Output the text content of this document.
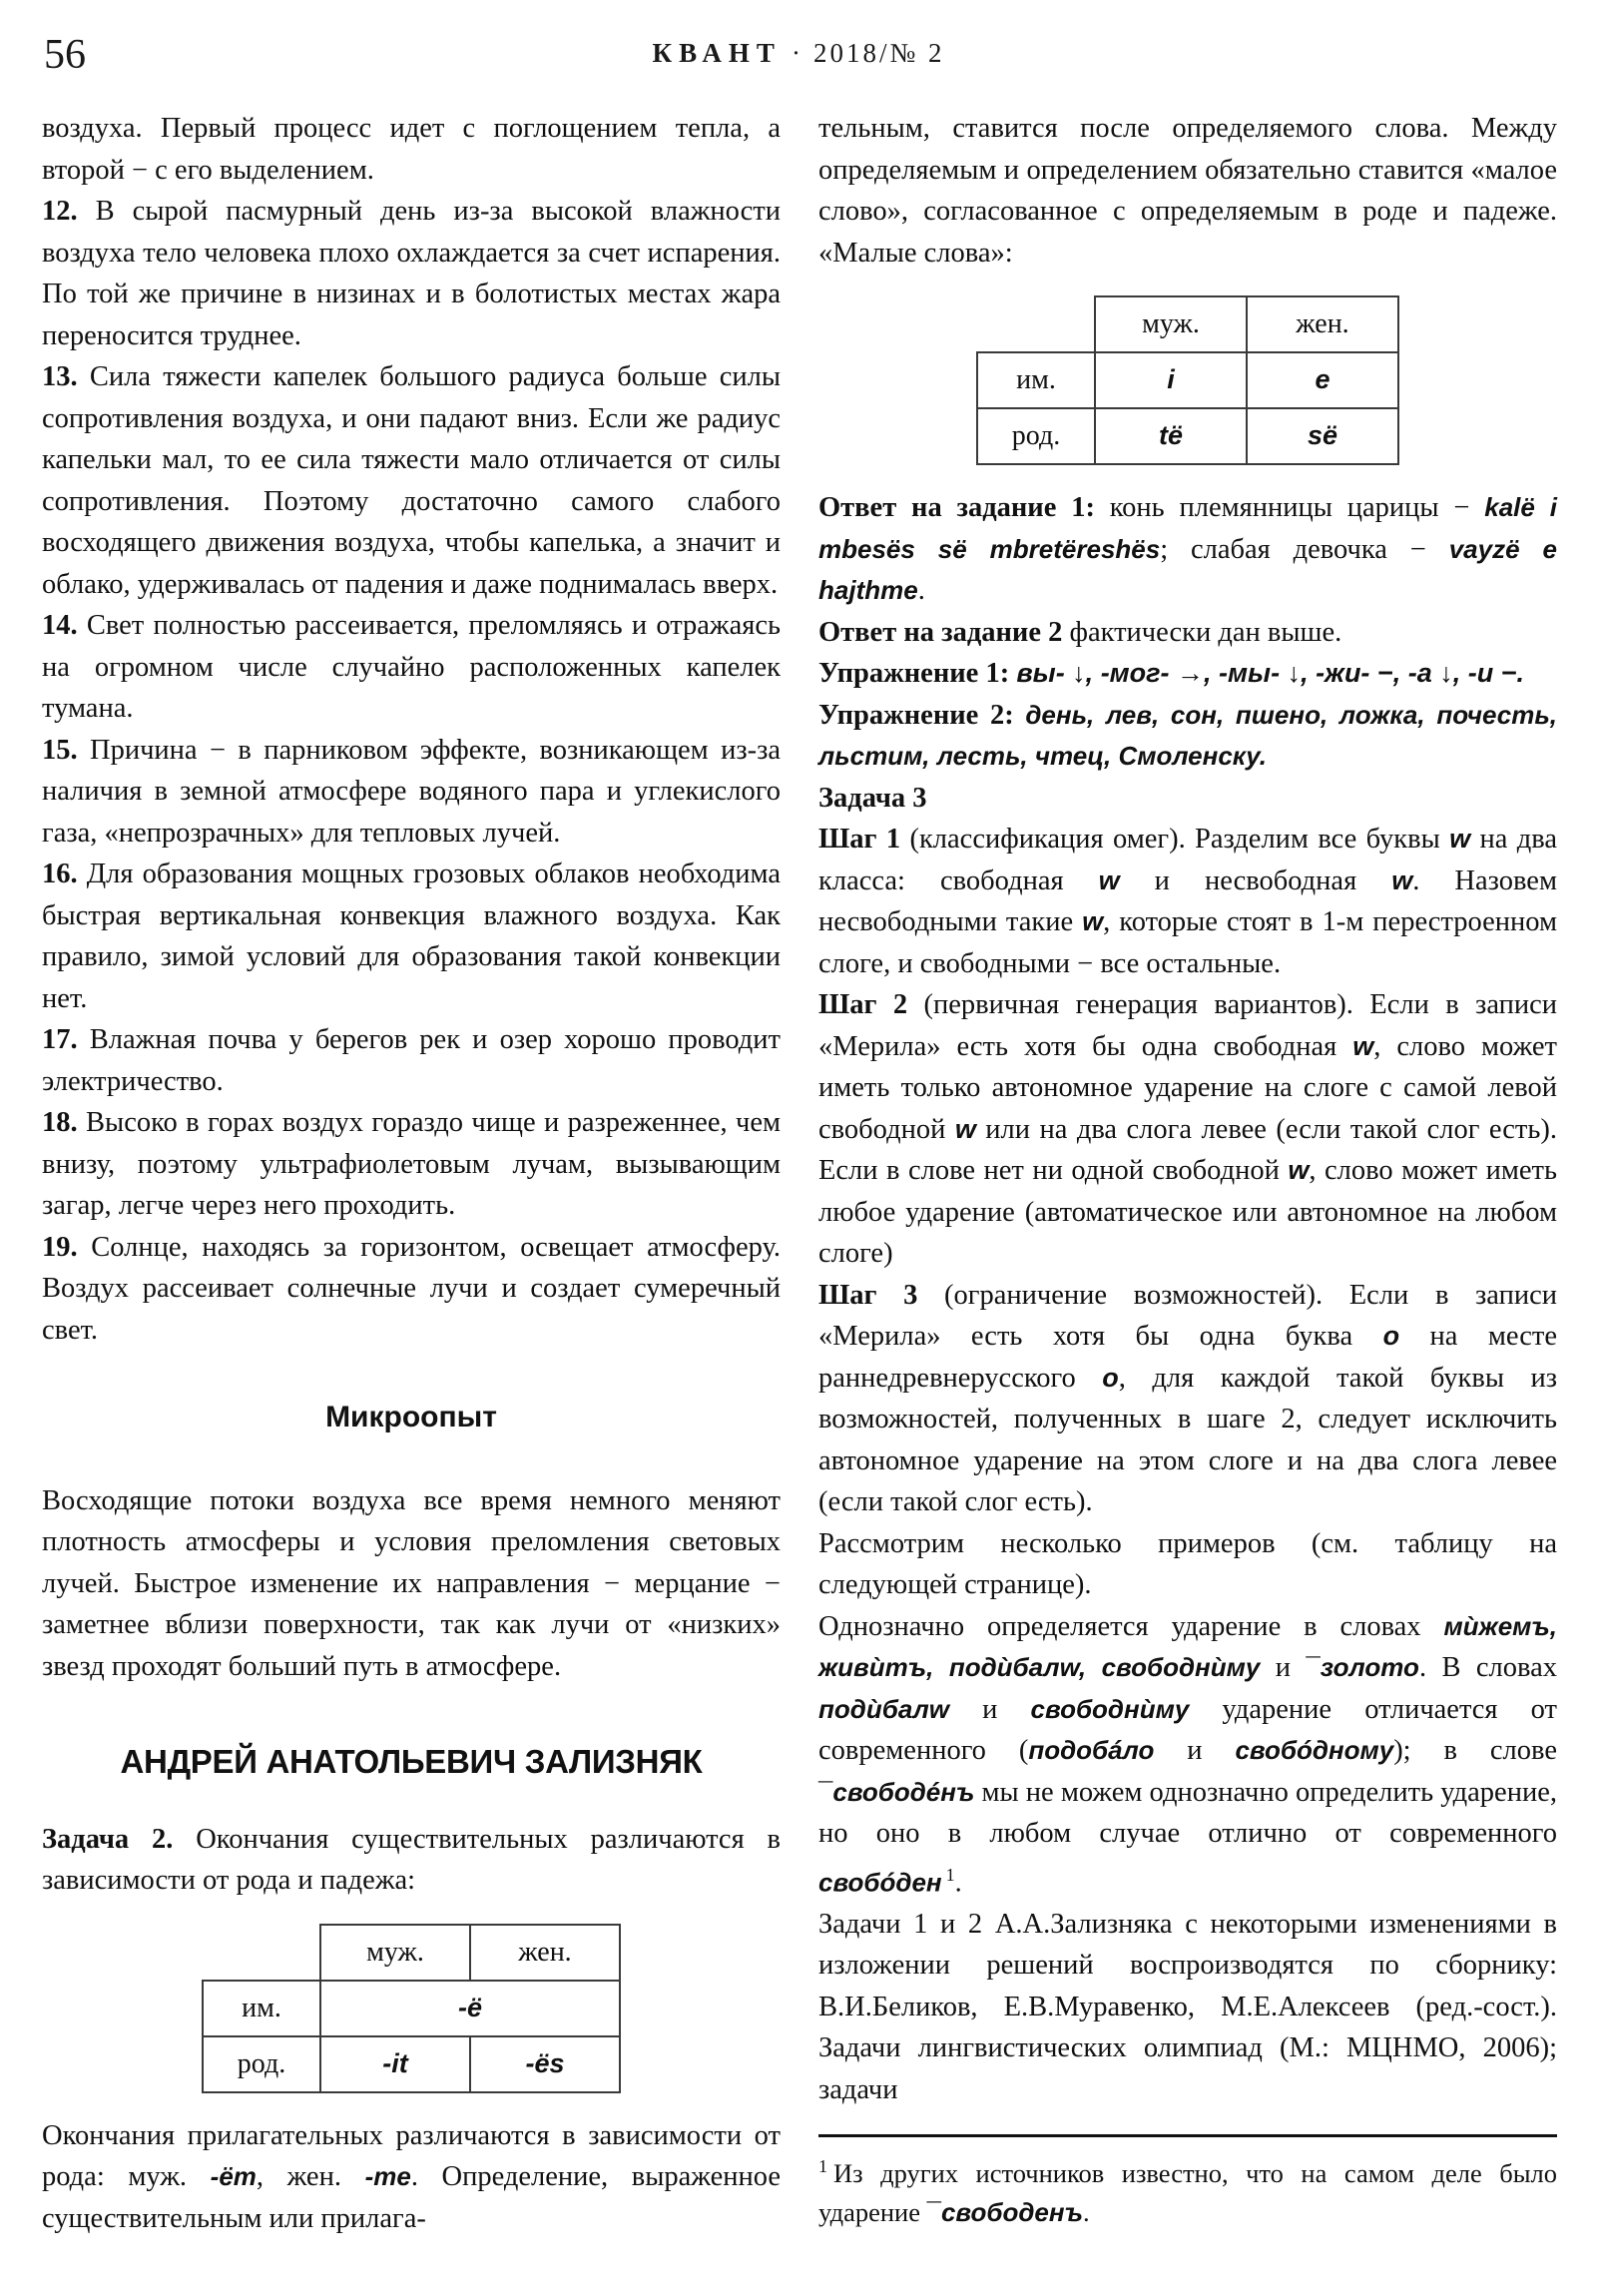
56	КВАНТ · 2018/№ 2

воздуха. Первый процесс идет с поглощением тепла, а второй − с его выделением.

12. В сырой пасмурный день из-за высокой влажности воздуха тело человека плохо охлаждается за счет испарения. По той же причине в низинах и в болотистых местах жара переносится труднее.

13. Сила тяжести капелек большого радиуса больше силы сопротивления воздуха, и они падают вниз. Если же радиус капельки мал, то ее сила тяжести мало отличается от силы сопротивления. Поэтому достаточно самого слабого восходящего движения воздуха, чтобы капелька, а значит и облако, удерживалась от падения и даже поднималась вверх.

14. Свет полностью рассеивается, преломляясь и отражаясь на огромном числе случайно расположенных капелек тумана.

15. Причина − в парниковом эффекте, возникающем из-за наличия в земной атмосфере водяного пара и углекислого газа, «непрозрачных» для тепловых лучей.

16. Для образования мощных грозовых облаков необходима быстрая вертикальная конвекция влажного воздуха. Как правило, зимой условий для образования такой конвекции нет.

17. Влажная почва у берегов рек и озер хорошо проводит электричество.

18. Высоко в горах воздух гораздо чище и разреженнее, чем внизу, поэтому ультрафиолетовым лучам, вызывающим загар, легче через него проходить.

19. Солнце, находясь за горизонтом, освещает атмосферу. Воздух рассеивает солнечные лучи и создает сумеречный свет.

Микроопыт

Восходящие потоки воздуха все время немного меняют плотность атмосферы и условия преломления световых лучей. Быстрое изменение их направления − мерцание − заметнее вблизи поверхности, так как лучи от «низких» звезд проходят больший путь в атмосфере.

АНДРЕЙ АНАТОЛЬЕВИЧ ЗАЛИЗНЯК

Задача 2. Окончания существительных различаются в зависимости от рода и падежа:

	муж.	жен.
им.	-ё	
род.	-it	-ёs

Окончания прилагательных различаются в зависимости от рода: муж. -ёm, жен. -me. Определение, выраженное существительным или прилага-

тельным, ставится после определяемого слова. Между определяемым и определением обязательно ставится «малое слово», согласованное с определяемым в роде и падеже. «Малые слова»:

	муж.	жен.
им.	i	e
род.	të	së

Ответ на задание 1: конь племянницы царицы − kalë i mbesës së mbretëreshës; слабая девочка − vayzë e hajthme.

Ответ на задание 2 фактически дан выше.

Упражнение 1: вы- ↓, -мог- →, -мы- ↓, -жи- −, -а ↓, -и −.

Упражнение 2: день, лев, сон, пшено, ложка, почесть, льстим, лесть, чтец, Смоленску.

Задача 3

Шаг 1 (классификация омег). Разделим все буквы w на два класса: свободная w и несвободная w. Назовем несвободными такие w, которые стоят в 1-м перестроенном слоге, и свободными − все остальные.

Шаг 2 (первичная генерация вариантов). Если в записи «Мерила» есть хотя бы одна свободная w, слово может иметь только автономное ударение на слоге с самой левой свободной w или на два слога левее (если такой слог есть). Если в слове нет ни одной свободной w, слово может иметь любое ударение (автоматическое или автономное на любом слоге)

Шаг 3 (ограничение возможностей). Если в записи «Мерила» есть хотя бы одна буква о на месте раннедревнерусского о, для каждой такой буквы из возможностей, полученных в шаге 2, следует исключить автономное ударение на этом слоге и на два слога левее (если такой слог есть).

Рассмотрим несколько примеров (см. таблицу на следующей странице).

Однозначно определяется ударение в словах мѝжемъ, живѝтъ, подѝбалw, свободнѝму и ¯золото. В словах подѝбалw и свободнѝму ударение отличается от современного (подобáло и свобóдному); в слове ¯свободéнъ мы не можем однозначно определить ударение, но оно в любом случае отлично от современного свобóден $^1$.

Задачи 1 и 2 А.А.Зализняка с некоторыми изменениями в изложении решений воспроизводятся по сборнику: В.И.Беликов, Е.В.Муравенко, М.Е.Алексеев (ред.-сост.). Задачи лингвистических олимпиад (М.: МЦНМО, 2006); задачи

$^1$ Из других источников известно, что на самом деле было ударение ¯свободенъ.
